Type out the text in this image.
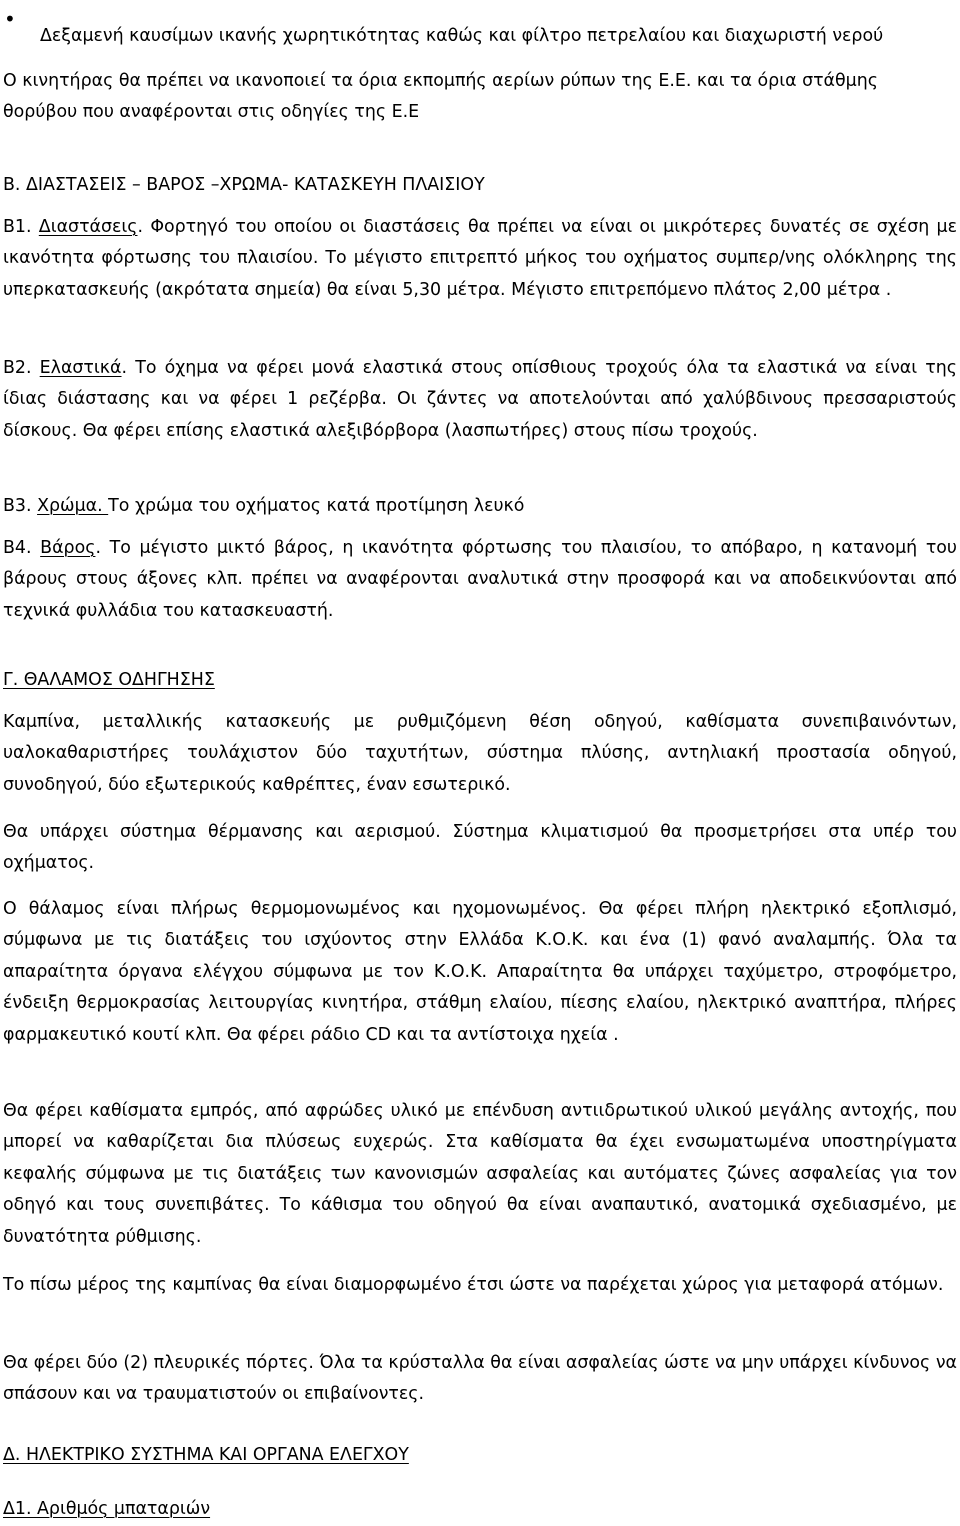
•

Δεξαμενή καυσίμων ικανής χωρητικότητας καθώς και φίλτρο πετρελαίου και διαχωριστή νερού

Ο κινητήρας θα πρέπει να ικανοποιεί τα όρια εκπομπής αερίων ρύπων της Ε.Ε. και τα όρια στάθμης θορύβου που αναφέρονται στις οδηγίες της Ε.Ε

Β. ΔΙΑΣΤΑΣΕΙΣ – ΒΑΡΟΣ –ΧΡΩΜΑ- ΚΑΤΑΣΚΕΥΗ ΠΛΑΙΣΙΟΥ

Β1. Διαστάσεις. Φορτηγό του οποίου οι διαστάσεις θα πρέπει να είναι οι μικρότερες δυνατές σε σχέση με ικανότητα φόρτωσης του πλαισίου. Το μέγιστο επιτρεπτό μήκος του οχήματος συμπερ/νης ολόκληρης της υπερκατασκευής (ακρότατα σημεία) θα είναι 5,30 μέτρα. Μέγιστο επιτρεπόμενο πλάτος 2,00 μέτρα .

Β2. Ελαστικά. Το όχημα να φέρει μονά ελαστικά στους οπίσθιους τροχούς όλα τα ελαστικά να είναι της ίδιας διάστασης και να φέρει 1 ρεζέρβα. Οι ζάντες να αποτελούνται από χαλύβδινους πρεσσαριστούς δίσκους. Θα φέρει επίσης ελαστικά αλεξιβόρβορα (λασπωτήρες) στους πίσω τροχούς.

Β3. Χρώμα. Το χρώμα του οχήματος κατά προτίμηση λευκό

Β4. Βάρος. Το μέγιστο μικτό βάρος, η ικανότητα φόρτωσης του πλαισίου, το απόβαρο, η κατανομή του βάρους στους άξονες κλπ. πρέπει να αναφέρονται αναλυτικά στην προσφορά και να αποδεικνύονται από τεχνικά φυλλάδια του κατασκευαστή.

Γ. ΘΑΛΑΜΟΣ ΟΔΗΓΗΣΗΣ

Καμπίνα, μεταλλικής κατασκευής με ρυθμιζόμενη θέση οδηγού, καθίσματα συνεπιβαινόντων, υαλοκαθαριστήρες τουλάχιστον δύο ταχυτήτων, σύστημα πλύσης, αντηλιακή προστασία οδηγού, συνοδηγού, δύο εξωτερικούς καθρέπτες, έναν εσωτερικό.

Θα υπάρχει σύστημα θέρμανσης και αερισμού. Σύστημα κλιματισμού θα προσμετρήσει στα υπέρ του οχήματος.

Ο θάλαμος είναι πλήρως θερμομονωμένος και ηχομονωμένος. Θα φέρει πλήρη ηλεκτρικό εξοπλισμό, σύμφωνα με τις διατάξεις του ισχύοντος στην Ελλάδα Κ.Ο.Κ. και ένα (1) φανό αναλαμπής. Όλα τα απαραίτητα όργανα ελέγχου σύμφωνα με τον Κ.Ο.Κ. Απαραίτητα θα υπάρχει ταχύμετρο, στροφόμετρο, ένδειξη θερμοκρασίας λειτουργίας κινητήρα, στάθμη ελαίου, πίεσης ελαίου, ηλεκτρικό αναπτήρα, πλήρες φαρμακευτικό κουτί κλπ. Θα φέρει ράδιο CD και τα αντίστοιχα ηχεία .

Θα φέρει καθίσματα εμπρός, από αφρώδες υλικό με επένδυση αντιιδρωτικού υλικού μεγάλης αντοχής, που μπορεί να καθαρίζεται δια πλύσεως ευχερώς. Στα καθίσματα θα έχει ενσωματωμένα υποστηρίγματα κεφαλής σύμφωνα με τις διατάξεις των κανονισμών ασφαλείας και αυτόματες ζώνες ασφαλείας για τον οδηγό και τους συνεπιβάτες. Το κάθισμα του οδηγού θα είναι αναπαυτικό, ανατομικά σχεδιασμένο, με δυνατότητα ρύθμισης.

Το πίσω μέρος της καμπίνας θα είναι διαμορφωμένο έτσι ώστε να παρέχεται χώρος για μεταφορά ατόμων.

Θα φέρει δύο (2) πλευρικές πόρτες. Όλα τα κρύσταλλα θα είναι ασφαλείας ώστε να μην υπάρχει κίνδυνος να σπάσουν και να τραυματιστούν οι επιβαίνοντες.

Δ. ΗΛΕΚΤΡΙΚΟ ΣΥΣΤΗΜΑ ΚΑΙ ΟΡΓΑΝΑ ΕΛΕΓΧΟΥ

Δ1. Αριθμός μπαταριών
